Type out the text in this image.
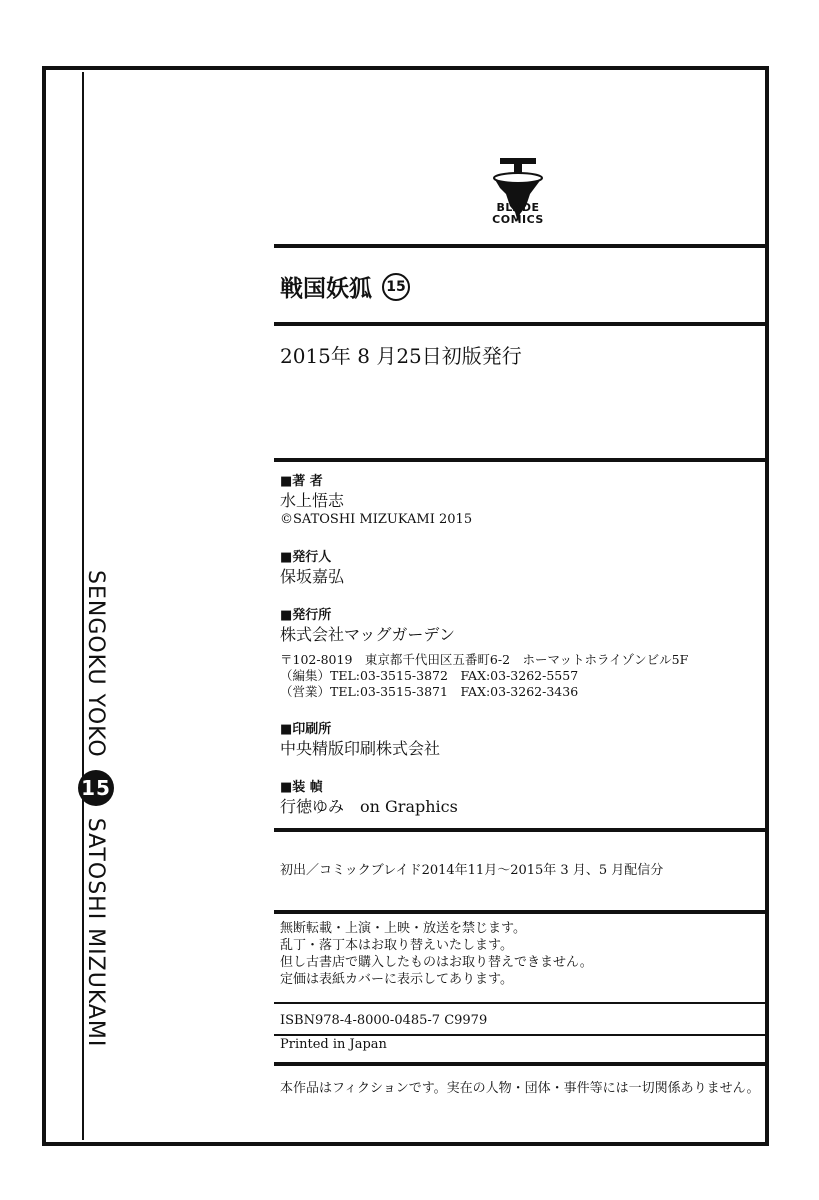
SENGOKU YOKO
15
SATOSHI MIZUKAMI
BLADE
COMICS
戦国妖狐	15
2015年 8 月25日初版発行
■著 者
水上悟志
©SATOSHI MIZUKAMI 2015
■発行人
保坂嘉弘
■発行所
株式会社マッグガーデン
〒102-8019　東京都千代田区五番町6-2　ホーマットホライゾンビル5F
（編集）TEL:03-3515-3872　FAX:03-3262-5557
（営業）TEL:03-3515-3871　FAX:03-3262-3436
■印刷所
中央精版印刷株式会社
■装 幀
行徳ゆみ　on Graphics
初出／コミックブレイド2014年11月～2015年 3 月、5 月配信分
無断転載・上演・上映・放送を禁じます。
乱丁・落丁本はお取り替えいたします。
但し古書店で購入したものはお取り替えできません。
定価は表紙カバーに表示してあります。
ISBN978-4-8000-0485-7 C9979
Printed in Japan
本作品はフィクションです。実在の人物・団体・事件等には一切関係ありません。
